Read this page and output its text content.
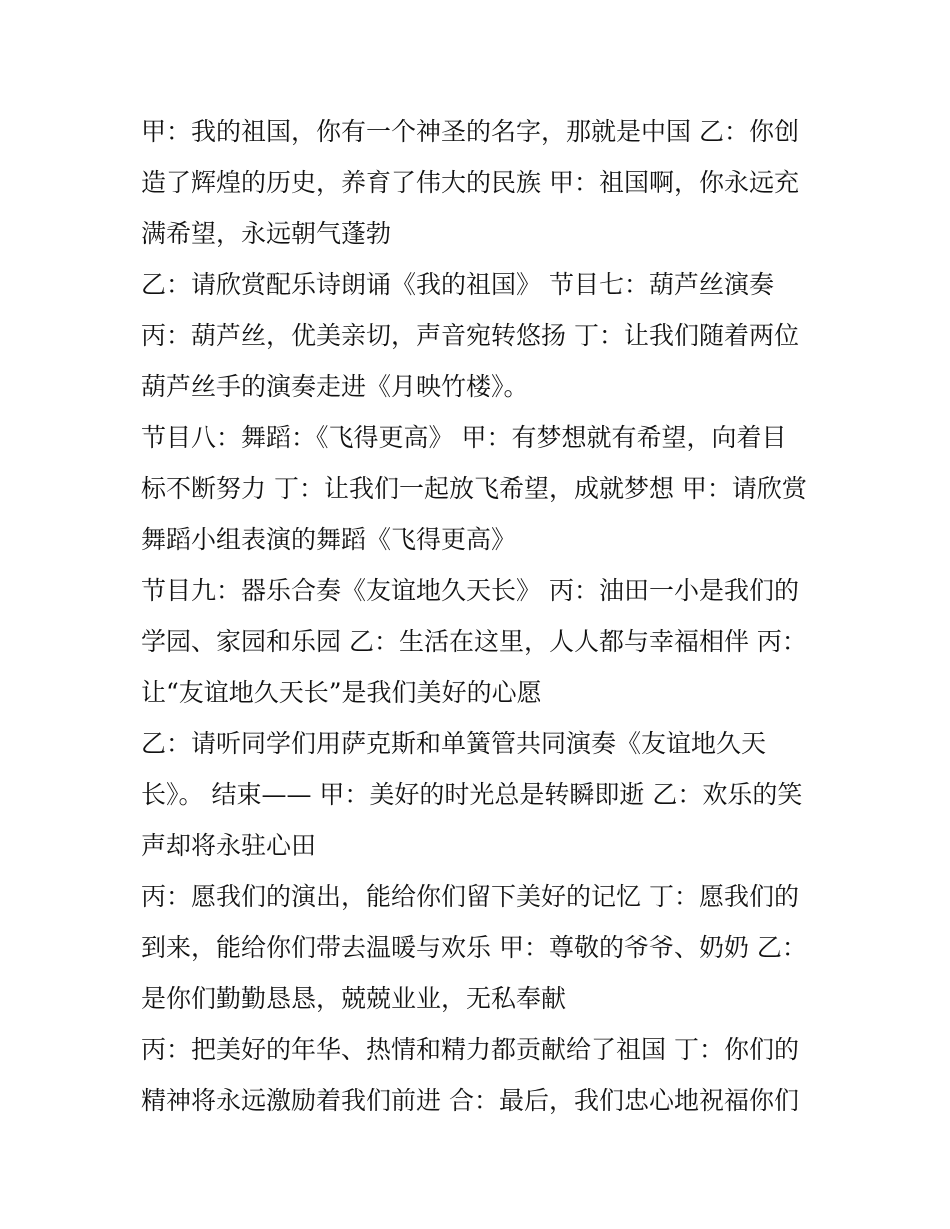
甲：我的祖国，你有一个神圣的名字，那就是中国 乙：你创
造了辉煌的历史，养育了伟大的民族 甲：祖国啊，你永远充
满希望，永远朝气蓬勃
乙：请欣赏配乐诗朗诵《我的祖国》 节目七：葫芦丝演奏
丙：葫芦丝，优美亲切，声音宛转悠扬 丁：让我们随着两位
葫芦丝手的演奏走进《月映竹楼》。
节目八：舞蹈：《飞得更高》 甲：有梦想就有希望，向着目
标不断努力 丁：让我们一起放飞希望，成就梦想 甲：请欣赏
舞蹈小组表演的舞蹈《飞得更高》
节目九：器乐合奏《友谊地久天长》 丙：油田一小是我们的
学园、家园和乐园 乙：生活在这里，人人都与幸福相伴 丙：
让“友谊地久天长”是我们美好的心愿
乙：请听同学们用萨克斯和单簧管共同演奏《友谊地久天
长》。 结束—— 甲：美好的时光总是转瞬即逝 乙：欢乐的笑
声却将永驻心田
丙：愿我们的演出，能给你们留下美好的记忆 丁：愿我们的
到来，能给你们带去温暖与欢乐 甲：尊敬的爷爷、奶奶 乙：
是你们勤勤恳恳，兢兢业业，无私奉献
丙：把美好的年华、热情和精力都贡献给了祖国 丁：你们的
精神将永远激励着我们前进 合：最后，我们忠心地祝福你们
